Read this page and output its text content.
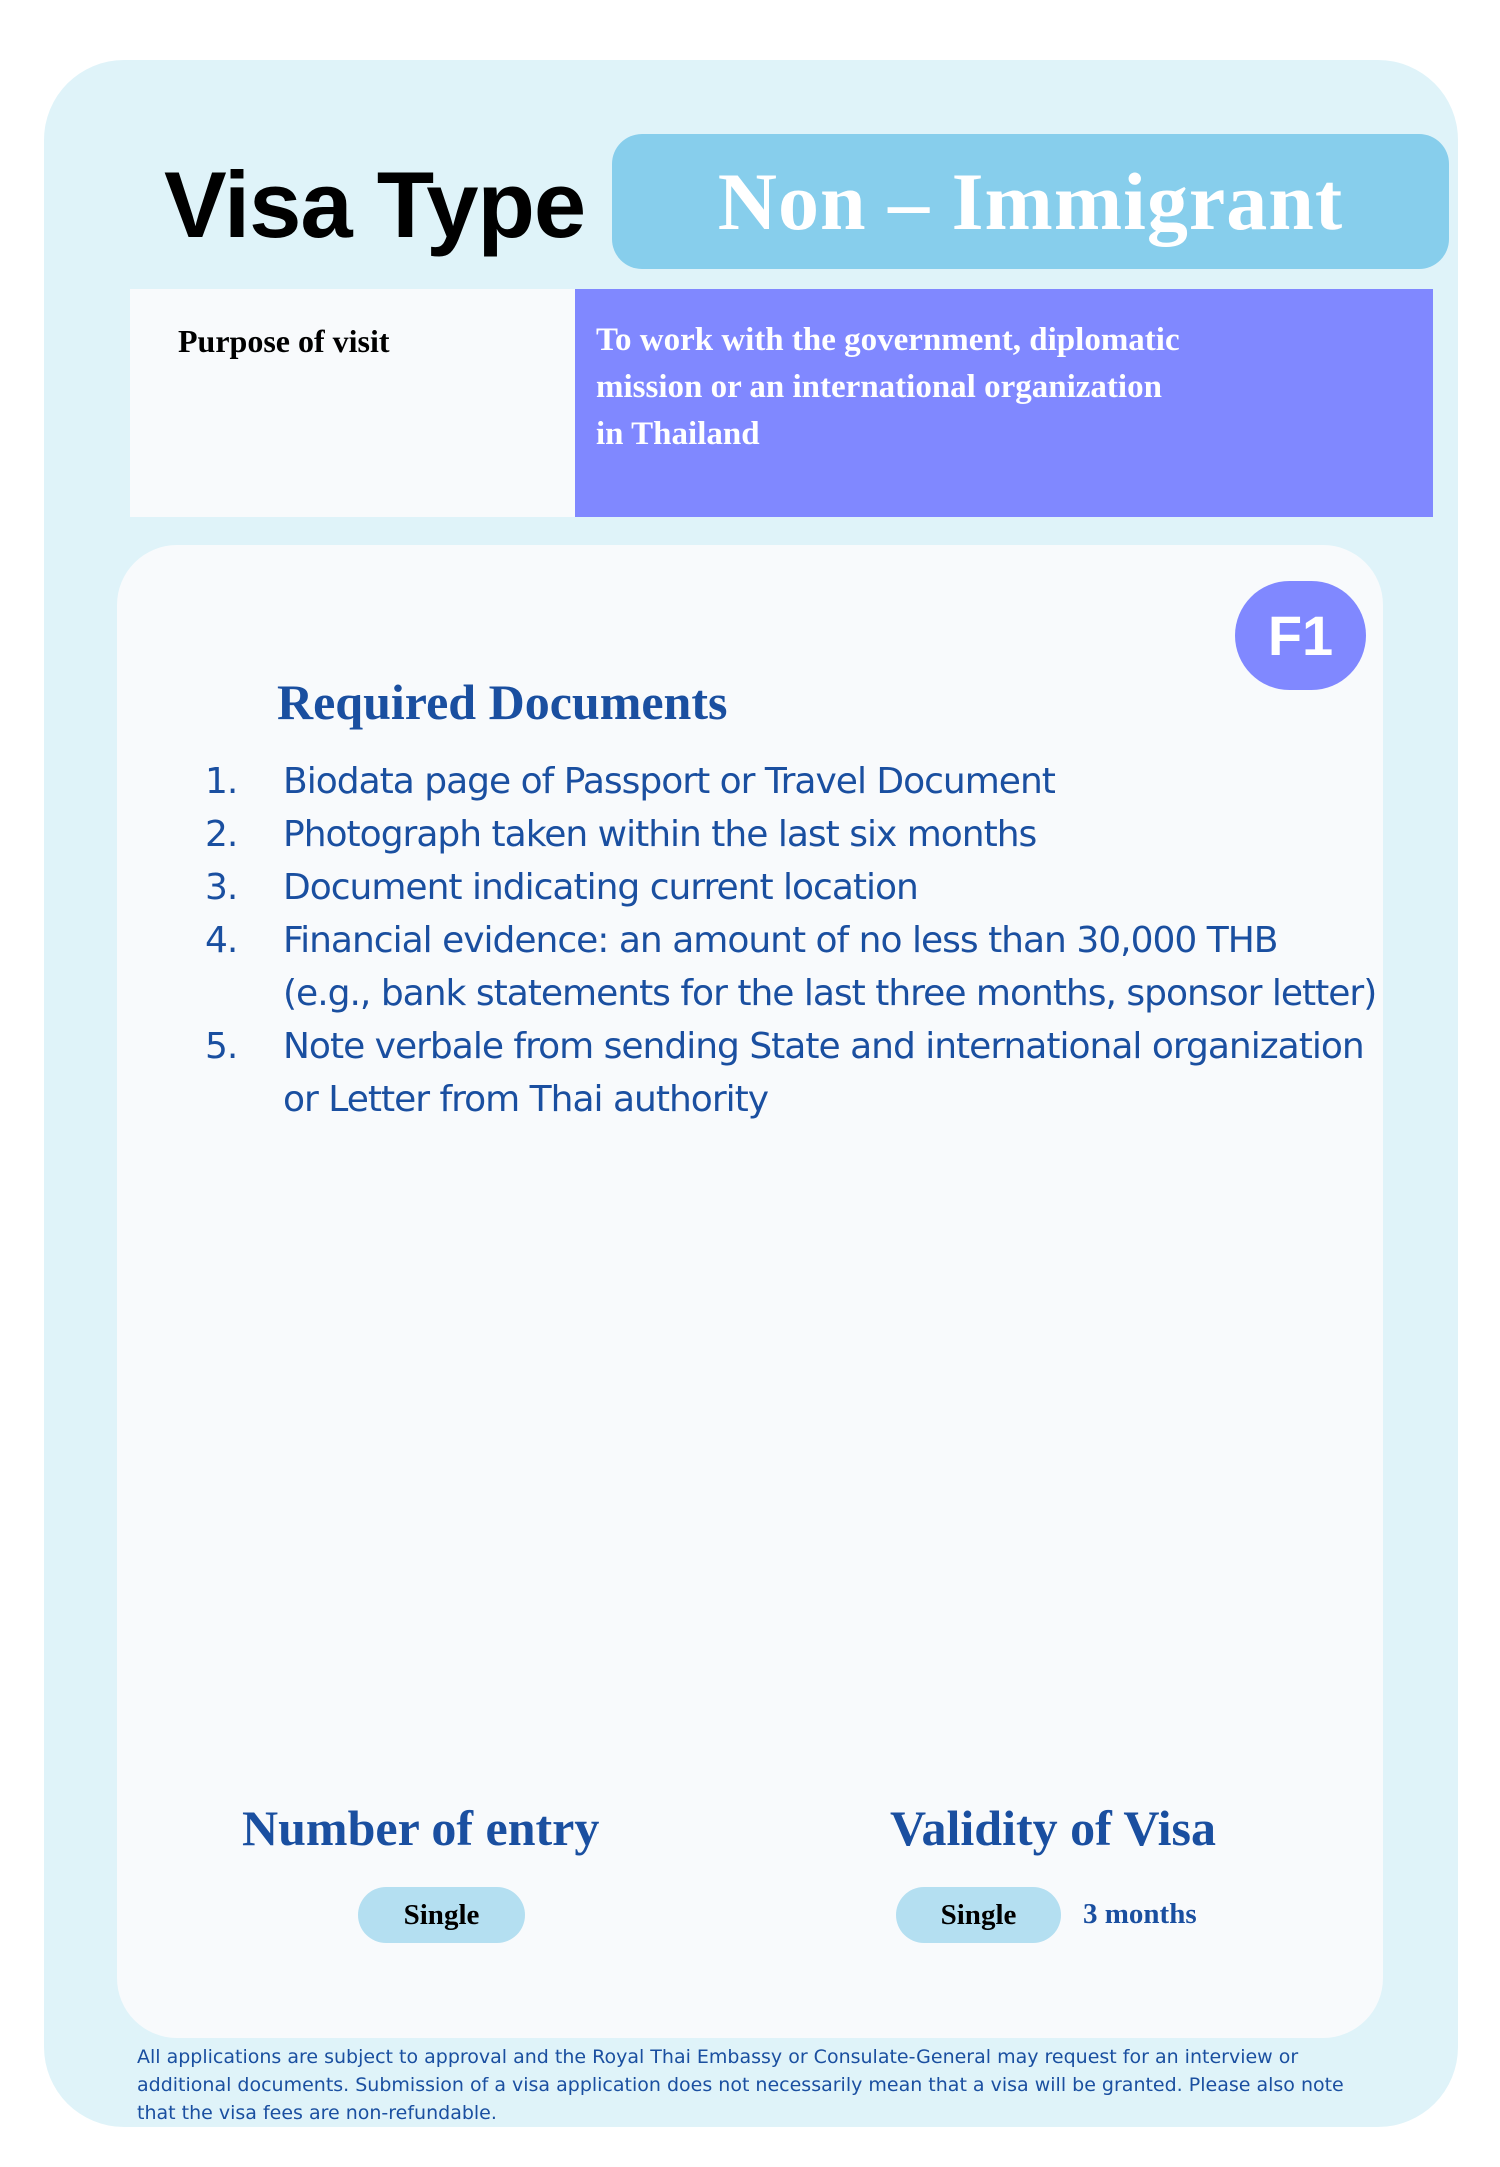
Visa Type Non – Immigrant
Purpose of visit	To work with the government, diplomatic
mission or an international organization
in Thailand
F1
Required Documents
1. Biodata page of Passport or Travel Document
2. Photograph taken within the last six months
3. Document indicating current location
4. Financial evidence: an amount of no less than 30,000 THB
(e.g., bank statements for the last three months, sponsor letter)
5. Note verbale from sending State and international organization
or Letter from Thai authority
Number of entry	Validity of Visa
Single	Single	3 months
All applications are subject to approval and the Royal Thai Embassy or Consulate-General may request for an interview or additional documents. Submission of a visa application does not necessarily mean that a visa will be granted. Please also note that the visa fees are non-refundable.
